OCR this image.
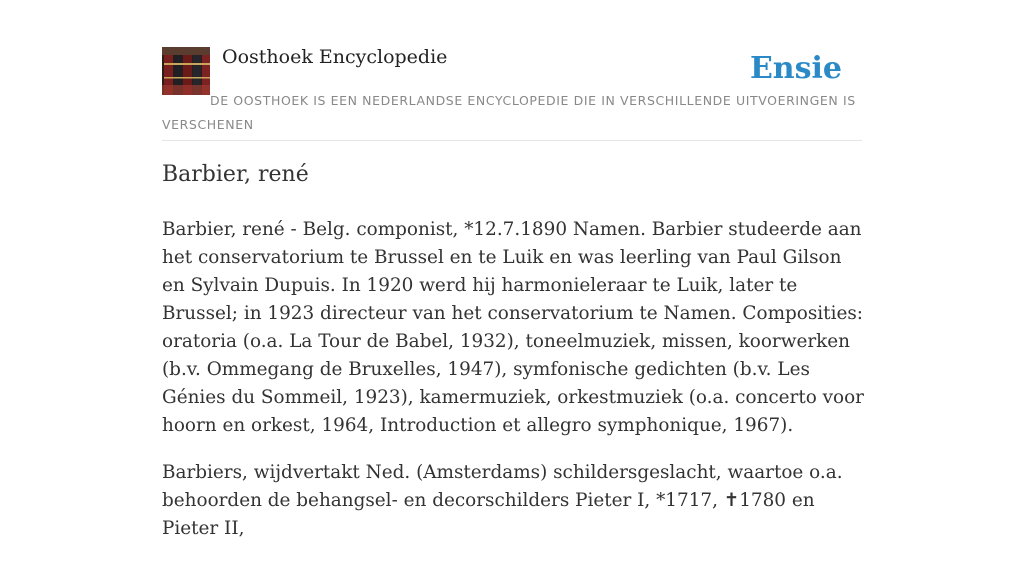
Oosthoek Encyclopedie	Ensie
DE OOSTHOEK IS EEN NEDERLANDSE ENCYCLOPEDIE DIE IN VERSCHILLENDE UITVOERINGEN IS VERSCHENEN
Barbier, rené

Barbier, rené - Belg. componist, *12.7.1890 Namen. Barbier studeerde aan het conservatorium te Brussel en te Luik en was leerling van Paul Gilson en Sylvain Dupuis. In 1920 werd hij harmonieleraar te Luik, later te Brussel; in 1923 directeur van het conservatorium te Namen. Composities: oratoria (o.a. La Tour de Babel, 1932), toneelmuziek, missen, koorwerken (b.v. Ommegang de Bruxelles, 1947), symfonische gedichten (b.v. Les Génies du Sommeil, 1923), kamermuziek, orkestmuziek (o.a. concerto voor hoorn en orkest, 1964, Introduction et allegro symphonique, 1967).

Barbiers, wijdvertakt Ned. (Amsterdams) schildersgeslacht, waartoe o.a. behoorden de behangsel- en decorschilders Pieter I, *1717, ✝1780 en Pieter II,
